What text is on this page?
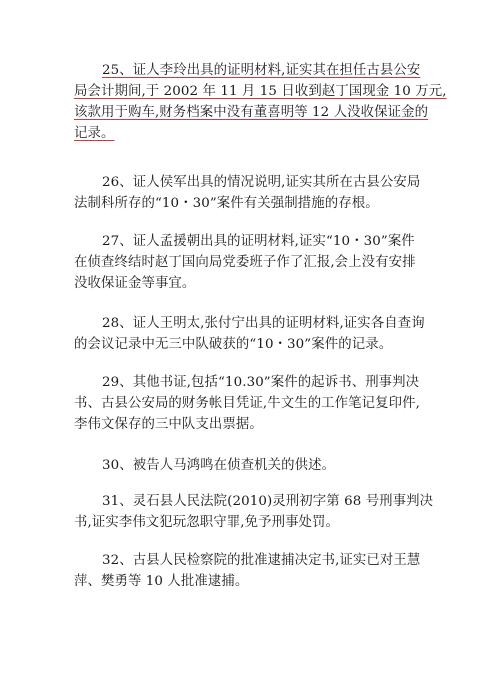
25、证人李玲出具的证明材料,证实其在担任古县公安
局会计期间,于 2002 年 11 月 15 日收到赵丁国现金 10 万元,
该款用于购车,财务档案中没有董喜明等 12 人没收保证金的
记录。
26、证人侯军出具的情况说明,证实其所在古县公安局
法制科所存的“10・30”案件有关强制措施的存根。
27、证人孟援朝出具的证明材料,证实“10・30”案件
在侦查终结时赵丁国向局党委班子作了汇报,会上没有安排
没收保证金等事宜。
28、证人王明太,张付宁出具的证明材料,证实各自查询
的会议记录中无三中队破获的“10・30”案件的记录。
29、其他书证,包括“10.30”案件的起诉书、刑事判决
书、古县公安局的财务帐目凭证,牛文生的工作笔记复印件,
李伟文保存的三中队支出票据。
30、被告人马鸿鸣在侦查机关的供述。
31、灵石县人民法院(2010)灵刑初字第 68 号刑事判决
书,证实李伟文犯玩忽职守罪,免予刑事处罚。
32、古县人民检察院的批准逮捕决定书,证实已对王慧
萍、樊勇等 10 人批准逮捕。
